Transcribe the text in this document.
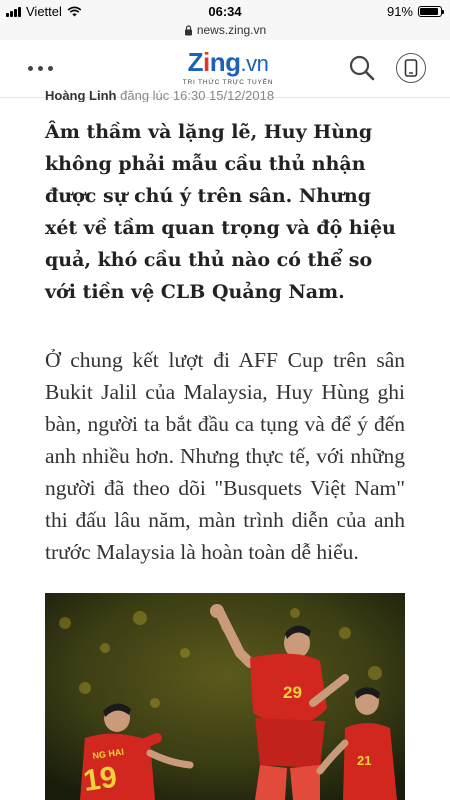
Viettel	06:34	91%
news.zing.vn
Zing.vn
TRI THỨC TRỰC TUYẾN
Hoàng Linh đăng lúc 16:30 15/12/2018

Âm thầm và lặng lẽ, Huy Hùng không phải mẫu cầu thủ nhận được sự chú ý trên sân. Nhưng xét về tầm quan trọng và độ hiệu quả, khó cầu thủ nào có thể so với tiền vệ CLB Quảng Nam.

Ở chung kết lượt đi AFF Cup trên sân Bukit Jalil của Malaysia, Huy Hùng ghi bàn, người ta bắt đầu ca tụng và để ý đến anh nhiều hơn. Nhưng thực tế, với những người đã theo dõi "Busquets Việt Nam" thi đấu lâu năm, màn trình diễn của anh trước Malaysia là hoàn toàn dễ hiểu.

29
NG HAI
19
21
